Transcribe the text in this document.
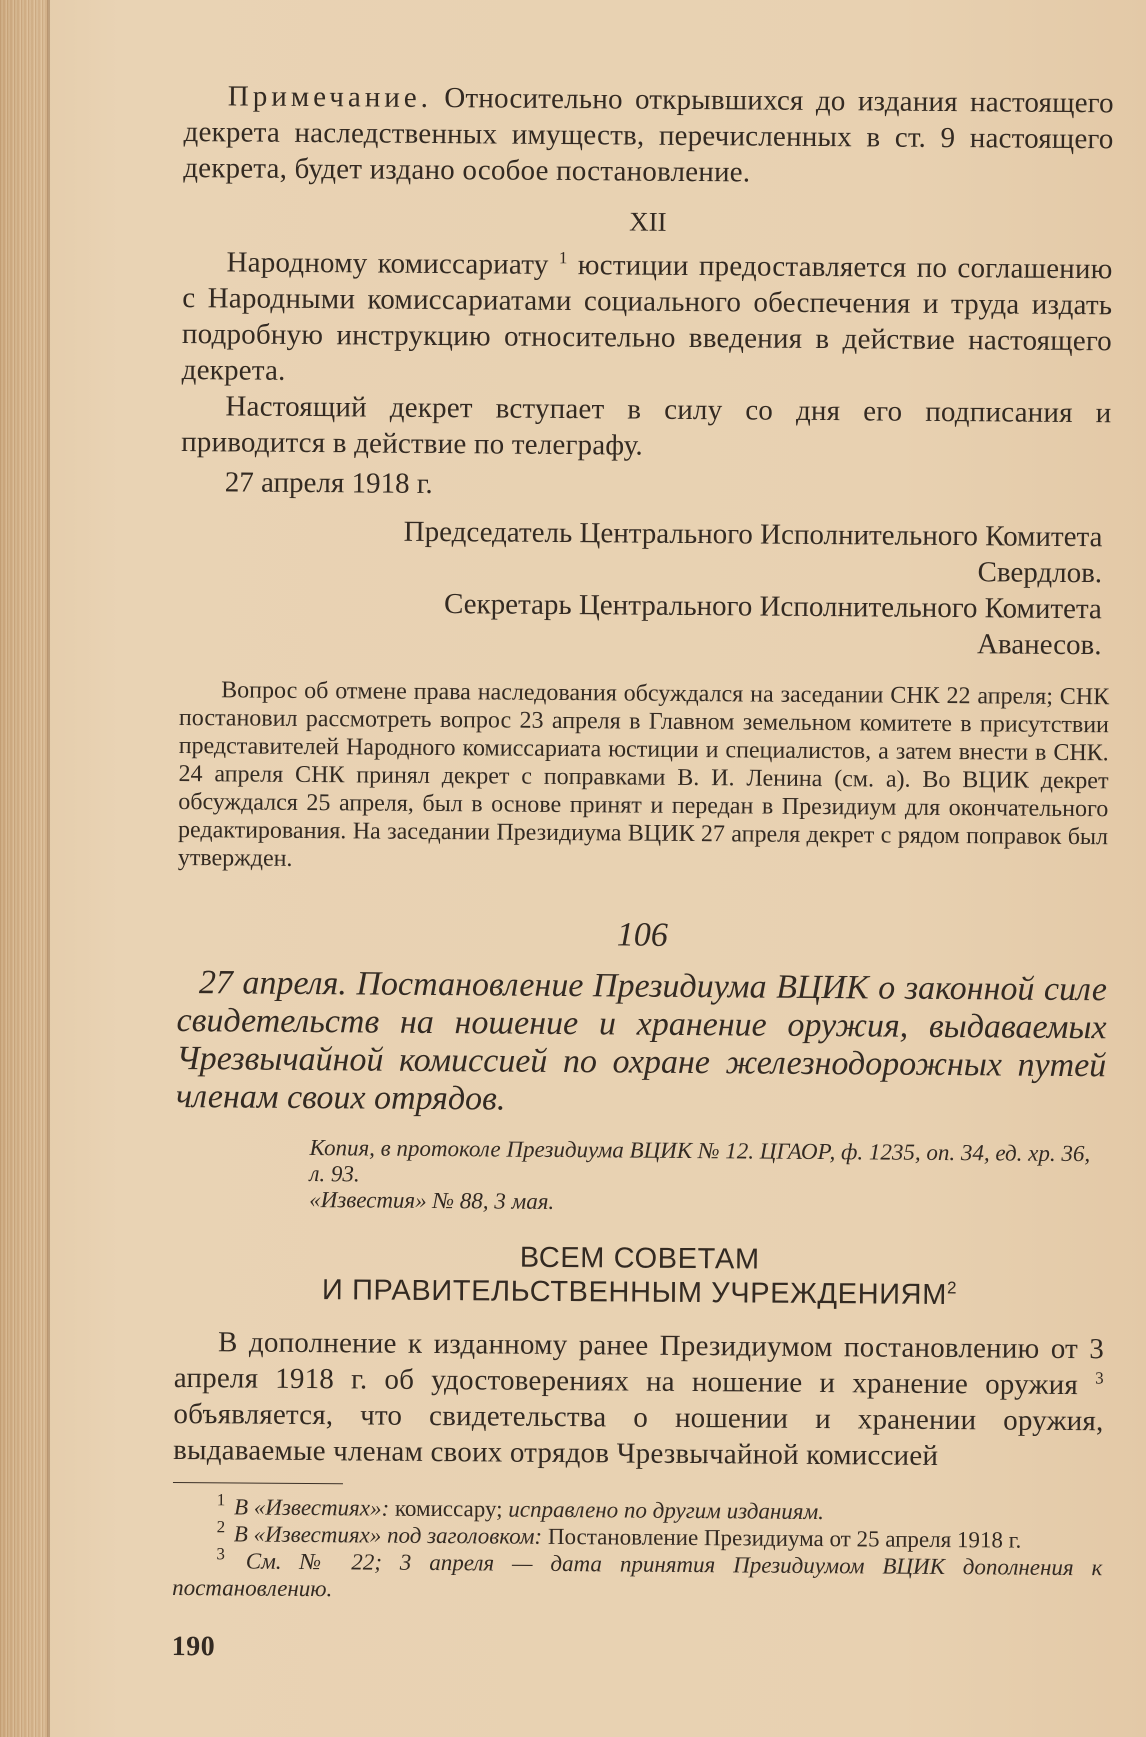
Примечание. Относительно открывшихся до издания настоящего декрета наследственных имуществ, перечисленных в ст. 9 настоящего декрета, будет издано особое постановление.

XII

Народному комиссариату $^1$ юстиции предоставляется по соглашению с Народными комиссариатами социального обеспечения и труда издать подробную инструкцию относительно введения в действие настоящего декрета.

Настоящий декрет вступает в силу со дня его подписания и приводится в действие по телеграфу.

27 апреля 1918 г.

Председатель Центрального Исполнительного Комитета

Свердлов.

Секретарь Центрального Исполнительного Комитета

Аванесов.

Вопрос об отмене права наследования обсуждался на заседании СНК 22 апреля; СНК постановил рассмотреть вопрос 23 апреля в Главном земельном комитете в присутствии представителей Народного комиссариата юстиции и специалистов, а затем внести в СНК. 24 апреля СНК принял декрет с поправками В. И. Ленина (см. а). Во ВЦИК декрет обсуждался 25 апреля, был в основе принят и передан в Президиум для окончательного редактирования. На заседании Президиума ВЦИК 27 апреля декрет с рядом поправок был утвержден.

106

27 апреля. Постановление Президиума ВЦИК о законной силе свидетельств на ношение и хранение оружия, выдаваемых Чрезвычайной комиссией по охране железнодорожных путей членам своих отрядов.

Копия, в протоколе Президиума ВЦИК № 12. ЦГАОР, ф. 1235, оп. 34, ед. хр. 36, л. 93.
«Известия» № 88, 3 мая.
ВСЕМ СОВЕТАМ
И ПРАВИТЕЛЬСТВЕННЫМ УЧРЕЖДЕНИЯМ$^2$

В дополнение к изданному ранее Президиумом постановлению от 3 апреля 1918 г. об удостоверениях на ношение и хранение оружия $^3$ объявляется, что свидетельства о ношении и хранении оружия, выдаваемые членам своих отрядов Чрезвычайной комиссией

$^1$ В «Известиях»: комиссару; исправлено по другим изданиям.

$^2$ В «Известиях» под заголовком: Постановление Президиума от 25 апреля 1918 г.

$^3$ См. № 22; 3 апреля — дата принятия Президиумом ВЦИК дополнения к постановлению.

190
